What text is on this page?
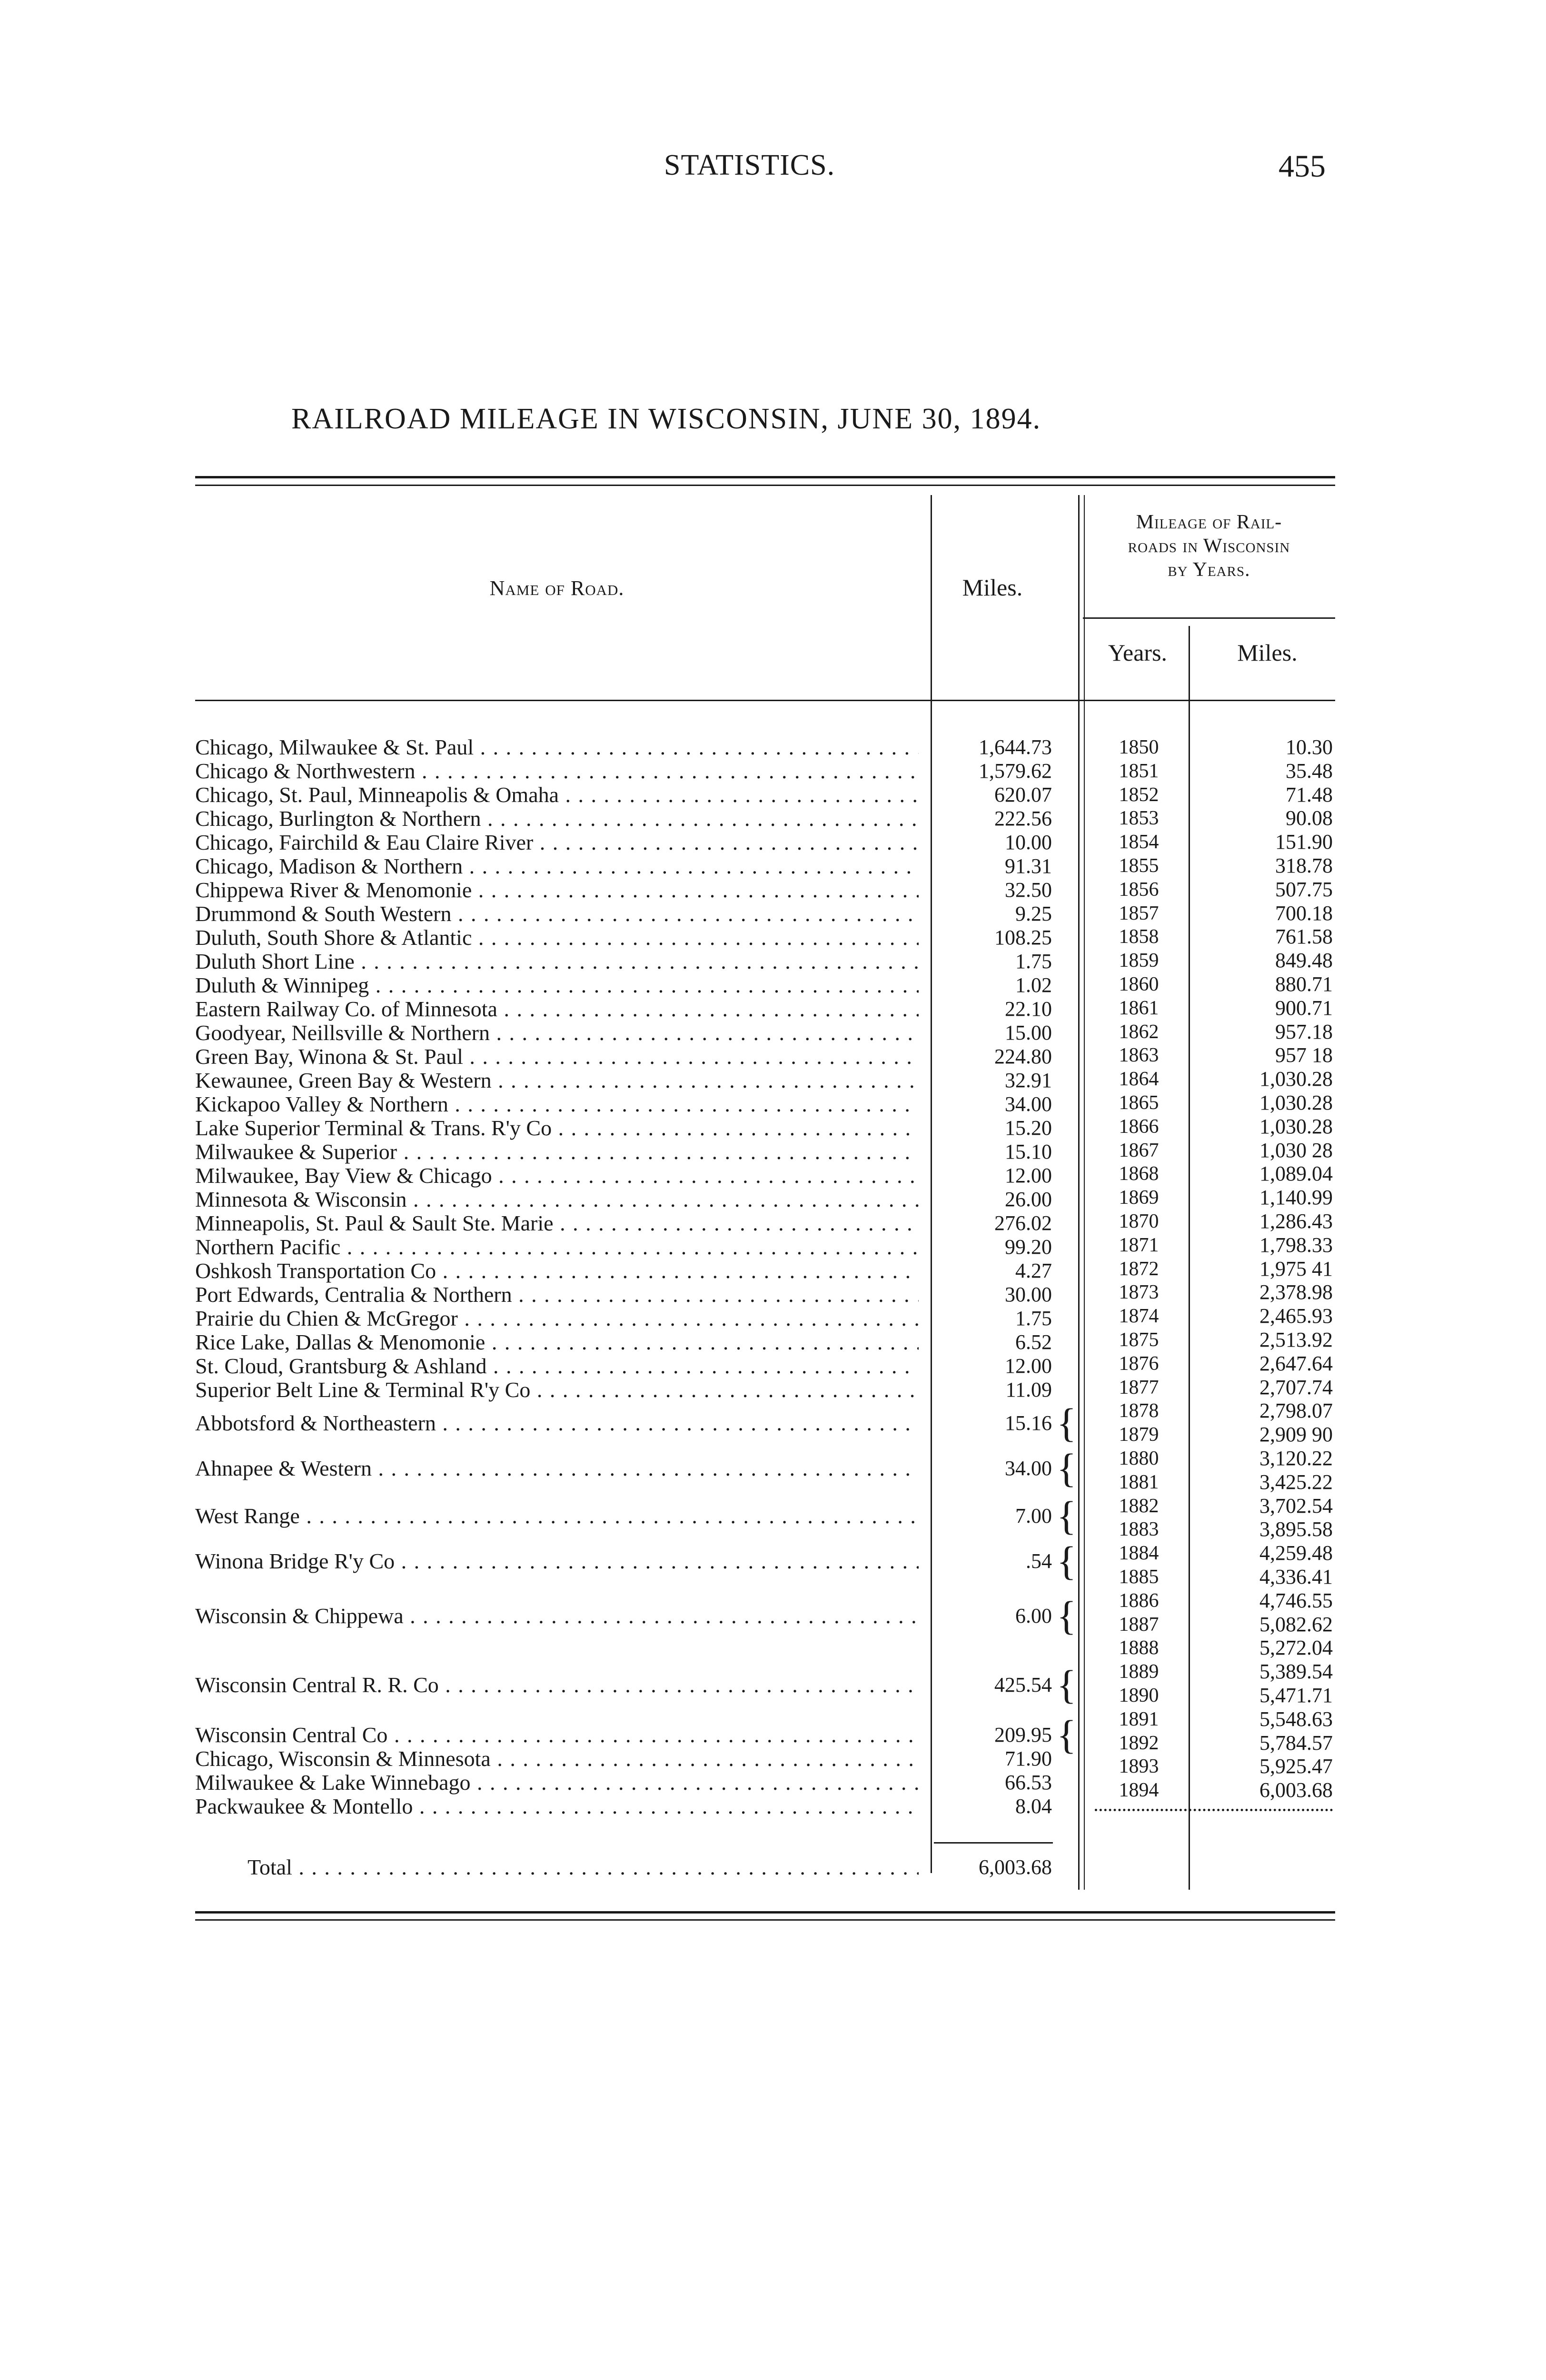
STATISTICS.	455
RAILROAD MILEAGE IN WISCONSIN, JUNE 30, 1894.
Name of Road.	Miles.
Mileage of Rail-
roads in Wisconsin
by Years.
Years.	Miles.
Chicago, Milwaukee & St. Paul . . .	1,644.73
Chicago & Northwestern . . .	1,579.62
Chicago, St. Paul, Minneapolis & Omaha . . .	620.07
Chicago, Burlington & Northern . . .	222.56
Chicago, Fairchild & Eau Claire River . . .	10.00
Chicago, Madison & Northern . . .	91.31
Chippewa River & Menomonie . . .	32.50
Drummond & South Western . . .	9.25
Duluth, South Shore & Atlantic . . .	108.25
Duluth Short Line . . .	1.75
Duluth & Winnipeg . . .	1.02
Eastern Railway Co. of Minnesota . . .	22.10
Goodyear, Neillsville & Northern . . .	15.00
Green Bay, Winona & St. Paul . . .	224.80
Kewaunee, Green Bay & Western . . .	32.91
Kickapoo Valley & Northern . . .	34.00
Lake Superior Terminal & Trans. R'y Co . . .	15.20
Milwaukee & Superior . . .	15.10
Milwaukee, Bay View & Chicago . . .	12.00
Minnesota & Wisconsin . . .	26.00
Minneapolis, St. Paul & Sault Ste. Marie . . .	276.02
Northern Pacific . . .	99.20
Oshkosh Transportation Co . . .	4.27
Port Edwards, Centralia & Northern . . .	30.00
Prairie du Chien & McGregor . . .	1.75
Rice Lake, Dallas & Menomonie . . .	6.52
St. Cloud, Grantsburg & Ashland . . .	12.00
Superior Belt Line & Terminal R'y Co . . .	11.09
Abbotsford & Northeastern . . .	15.16 {
Ahnapee & Western . . .	34.00 {
West Range . . .	7.00 {
Winona Bridge R'y Co . . .	.54 {
Wisconsin & Chippewa . . .	6.00 {
Wisconsin Central R. R. Co . . .	425.54 {
Wisconsin Central Co . . .	209.95 {
Chicago, Wisconsin & Minnesota . . .	71.90
Milwaukee & Lake Winnebago . . .	66.53
Packwaukee & Montello . . .	8.04
1850	10.30
1851	35.48
1852	71.48
1853	90.08
1854	151.90
1855	318.78
1856	507.75
1857	700.18
1858	761.58
1859	849.48
1860	880.71
1861	900.71
1862	957.18
1863	957 18
1864	1,030.28
1865	1,030.28
1866	1,030.28
1867	1,030 28
1868	1,089.04
1869	1,140.99
1870	1,286.43
1871	1,798.33
1872	1,975 41
1873	2,378.98
1874	2,465.93
1875	2,513.92
1876	2,647.64
1877	2,707.74
1878	2,798.07
1879	2,909 90
1880	3,120.22
1881	3,425.22
1882	3,702.54
1883	3,895.58
1884	4,259.48
1885	4,336.41
1886	4,746.55
1887	5,082.62
1888	5,272.04
1889	5,389.54
1890	5,471.71
1891	5,548.63
1892	5,784.57
1893	5,925.47
1894	6,003.68
Total . . .	6,003.68
